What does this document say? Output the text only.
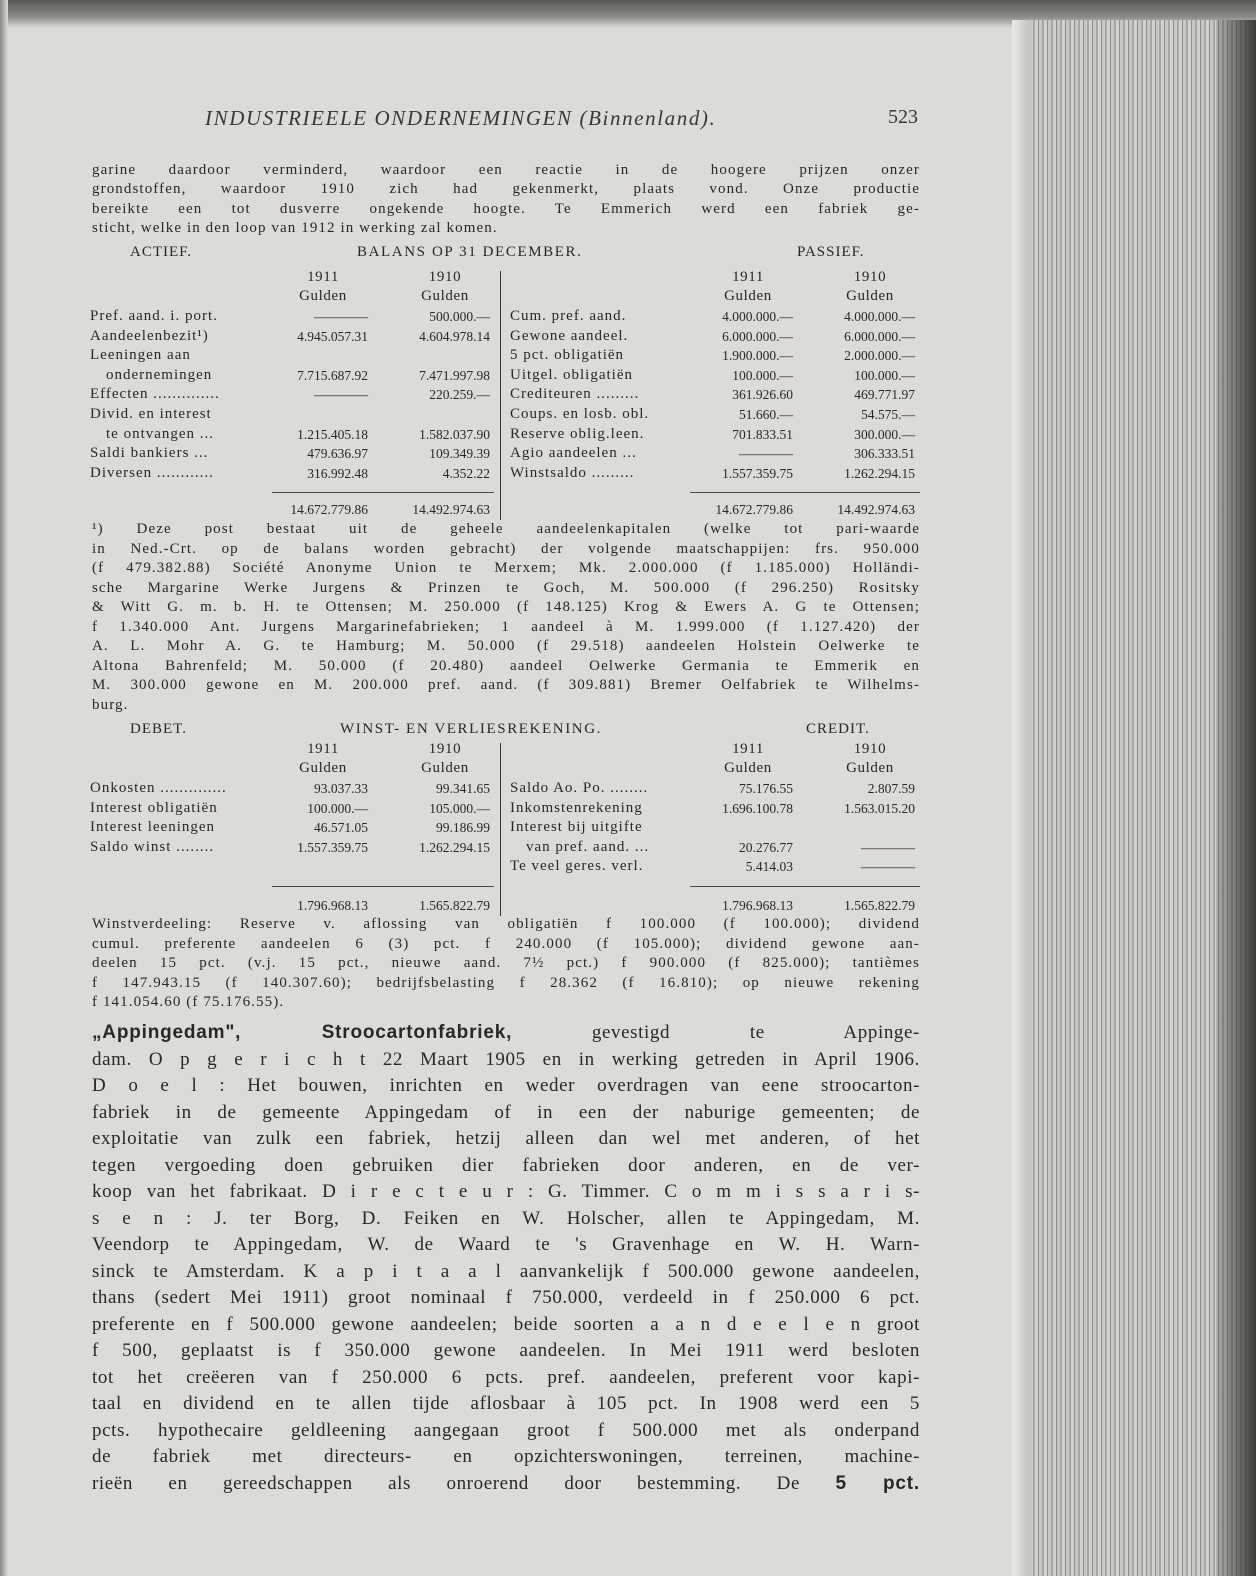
INDUSTRIEELE ONDERNEMINGEN (Binnenland).	523
garine daardoor verminderd, waardoor een reactie in de hoogere prijzen onzer
grondstoffen, waardoor 1910 zich had gekenmerkt, plaats vond. Onze productie
bereikte een tot dusverre ongekende hoogte. Te Emmerich werd een fabriek ge-
sticht, welke in den loop van 1912 in werking zal komen.
ACTIEF.	BALANS OP 31 DECEMBER.	PASSIEF.
1911	1910	1911	1910
Gulden	Gulden	Gulden	Gulden
Pref. aand. i. port.	————	500.000.—
Aandeelenbezit¹)	4.945.057.31	4.604.978.14
Leeningen aan
ondernemingen	7.715.687.92	7.471.997.98
Effecten ..............	————	220.259.—
Divid. en interest
te ontvangen ...	1.215.405.18	1.582.037.90
Saldi bankiers ...	479.636.97	109.349.39
Diversen ............	316.992.48	4.352.22
Cum. pref. aand.	4.000.000.—	4.000.000.—
Gewone aandeel.	6.000.000.—	6.000.000.—
5 pct. obligatiën	1.900.000.—	2.000.000.—
Uitgel. obligatiën	100.000.—	100.000.—
Crediteuren .........	361.926.60	469.771.97
Coups. en losb. obl.	51.660.—	54.575.—
Reserve oblig.leen.	701.833.51	300.000.—
Agio aandeelen ...	————	306.333.51
Winstsaldo .........	1.557.359.75	1.262.294.15
14.672.779.86	14.492.974.63	14.672.779.86	14.492.974.63
¹) Deze post bestaat uit de geheele aandeelenkapitalen (welke tot pari-waarde
in Ned.-Crt. op de balans worden gebracht) der volgende maatschappijen: frs. 950.000
(f 479.382.88) Société Anonyme Union te Merxem; Mk. 2.000.000 (f 1.185.000) Holländi-
sche Margarine Werke Jurgens & Prinzen te Goch, M. 500.000 (f 296.250) Rositsky
& Witt G. m. b. H. te Ottensen; M. 250.000 (f 148.125) Krog & Ewers A. G te Ottensen;
f 1.340.000 Ant. Jurgens Margarinefabrieken; 1 aandeel à M. 1.999.000 (f 1.127.420) der
A. L. Mohr A. G. te Hamburg; M. 50.000 (f 29.518) aandeelen Holstein Oelwerke te
Altona Bahrenfeld; M. 50.000 (f 20.480) aandeel Oelwerke Germania te Emmerik en
M. 300.000 gewone en M. 200.000 pref. aand. (f 309.881) Bremer Oelfabriek te Wilhelms-
burg.
DEBET.	WINST- EN VERLIESREKENING.	CREDIT.
1911	1910	1911	1910
Gulden	Gulden	Gulden	Gulden
Onkosten ..............	93.037.33	99.341.65
Interest obligatiën	100.000.—	105.000.—
Interest leeningen	46.571.05	99.186.99
Saldo winst ........	1.557.359.75	1.262.294.15
Saldo Ao. Po. ........	75.176.55	2.807.59
Inkomstenrekening	1.696.100.78	1.563.015.20
Interest bij uitgifte
van pref. aand. ...	20.276.77	————
Te veel geres. verl.	5.414.03	————
1.796.968.13	1.565.822.79	1.796.968.13	1.565.822.79
Winstverdeeling: Reserve v. aflossing van obligatiën f 100.000 (f 100.000); dividend
cumul. preferente aandeelen 6 (3) pct. f 240.000 (f 105.000); dividend gewone aan-
deelen 15 pct. (v.j. 15 pct., nieuwe aand. 7½ pct.) f 900.000 (f 825.000); tantièmes
f 147.943.15 (f 140.307.60); bedrijfsbelasting f 28.362 (f 16.810); op nieuwe rekening
f 141.054.60 (f 75.176.55).
„Appingedam", Stroocartonfabriek, gevestigd te Appinge-
dam. O p g e r i c h t 22 Maart 1905 en in werking getreden in April 1906.
D o e l : Het bouwen, inrichten en weder overdragen van eene stroocarton-
fabriek in de gemeente Appingedam of in een der naburige gemeenten; de
exploitatie van zulk een fabriek, hetzij alleen dan wel met anderen, of het
tegen vergoeding doen gebruiken dier fabrieken door anderen, en de ver-
koop van het fabrikaat. D i r e c t e u r : G. Timmer. C o m m i s s a r i s-
s e n : J. ter Borg, D. Feiken en W. Holscher, allen te Appingedam, M.
Veendorp te Appingedam, W. de Waard te 's Gravenhage en W. H. Warn-
sinck te Amsterdam. K a p i t a a l aanvankelijk f 500.000 gewone aandeelen,
thans (sedert Mei 1911) groot nominaal f 750.000, verdeeld in f 250.000 6 pct.
preferente en f 500.000 gewone aandeelen; beide soorten a a n d e e l e n groot
f 500, geplaatst is f 350.000 gewone aandeelen. In Mei 1911 werd besloten
tot het creëeren van f 250.000 6 pcts. pref. aandeelen, preferent voor kapi-
taal en dividend en te allen tijde aflosbaar à 105 pct. In 1908 werd een 5
pcts. hypothecaire geldleening aangegaan groot f 500.000 met als onderpand
de fabriek met directeurs- en opzichterswoningen, terreinen, machine-
rieën en gereedschappen als onroerend door bestemming. De 5 pct.
